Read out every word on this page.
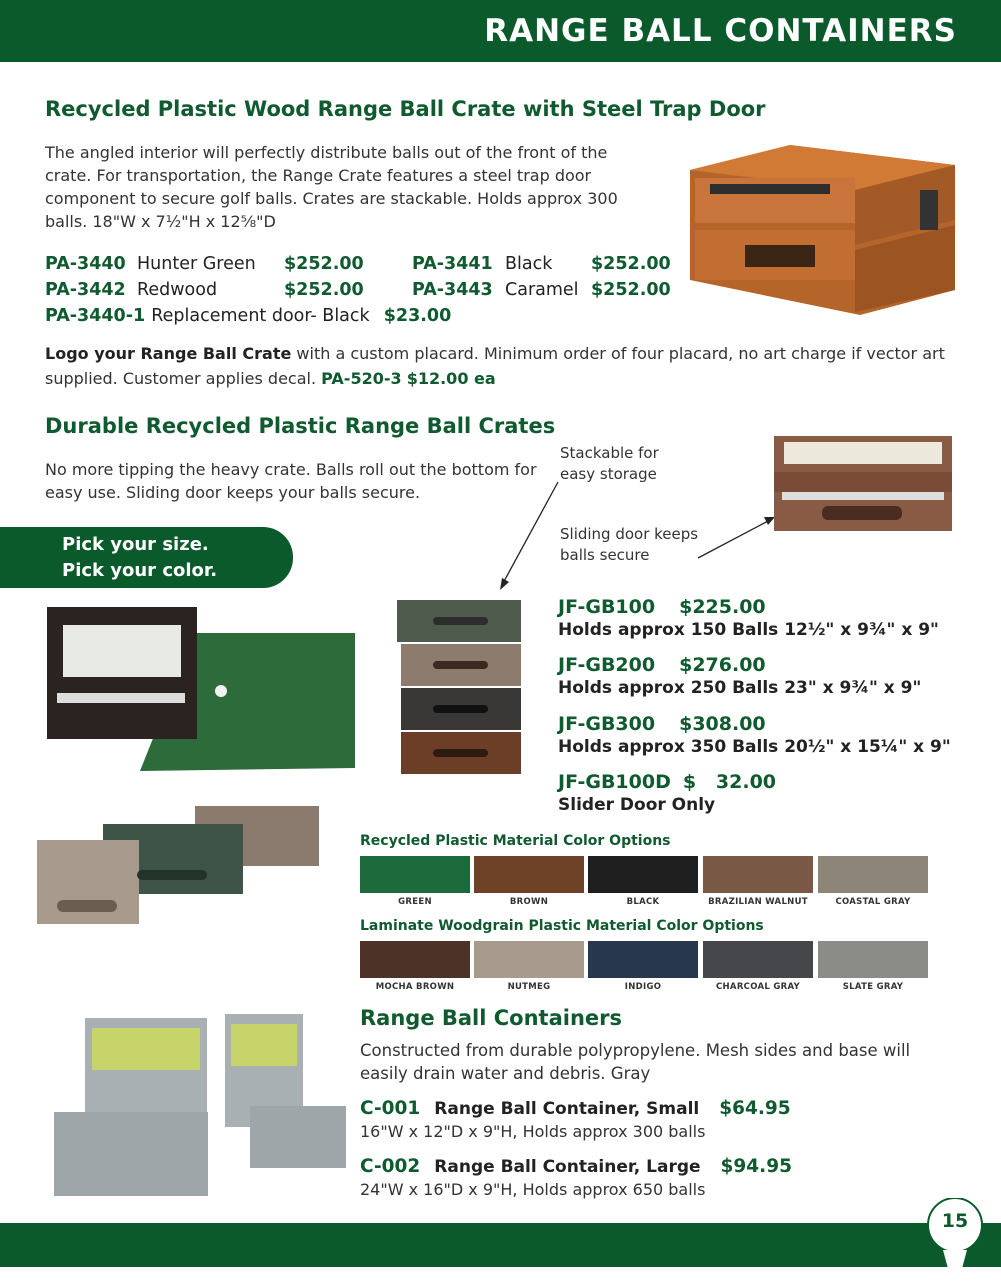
RANGE BALL CONTAINERS
Recycled Plastic Wood Range Ball Crate with Steel Trap Door

The angled interior will perfectly distribute balls out of the front of the crate. For transportation, the Range Crate features a steel trap door component to secure golf balls. Crates are stackable. Holds approx 300 balls. 18"W x 7½"H x 12⅝"D

PA-3440 Hunter Green $252.00	PA-3441 Black $252.00
PA-3442 Redwood	$252.00	PA-3443 Caramel $252.00
PA-3440-1 Replacement door- Black $23.00

Logo your Range Ball Crate with a custom placard. Minimum order of four placard, no art charge if vector art supplied. Customer applies decal. PA-520-3 $12.00 ea

Durable Recycled Plastic Range Ball Crates

No more tipping the heavy crate. Balls roll out the bottom for easy use. Sliding door keeps your balls secure.

Stackable for easy storage

Sliding door keeps balls secure

Pick your size.
Pick your color.
JF-GB100 $225.00
Holds approx 150 Balls 12½" x 9¾" x 9"
JF-GB200 $276.00
Holds approx 250 Balls 23" x 9¾" x 9"
JF-GB300 $308.00
Holds approx 350 Balls 20½" x 15¼" x 9"
JF-GB100D $   32.00
Slider Door Only
Recycled Plastic Material Color Options
GREEN	BROWN	BLACK	BRAZILIAN WALNUT	COASTAL GRAY
Laminate Woodgrain Plastic Material Color Options
MOCHA BROWN	NUTMEG	INDIGO	CHARCOAL GRAY	SLATE GRAY
Range Ball Containers

Constructed from durable polypropylene. Mesh sides and base will easily drain water and debris. Gray

C-001 Range Ball Container, Small $64.95
16"W x 12"D x 9"H, Holds approx 300 balls
C-002 Range Ball Container, Large $94.95
24"W x 16"D x 9"H, Holds approx 650 balls
15
